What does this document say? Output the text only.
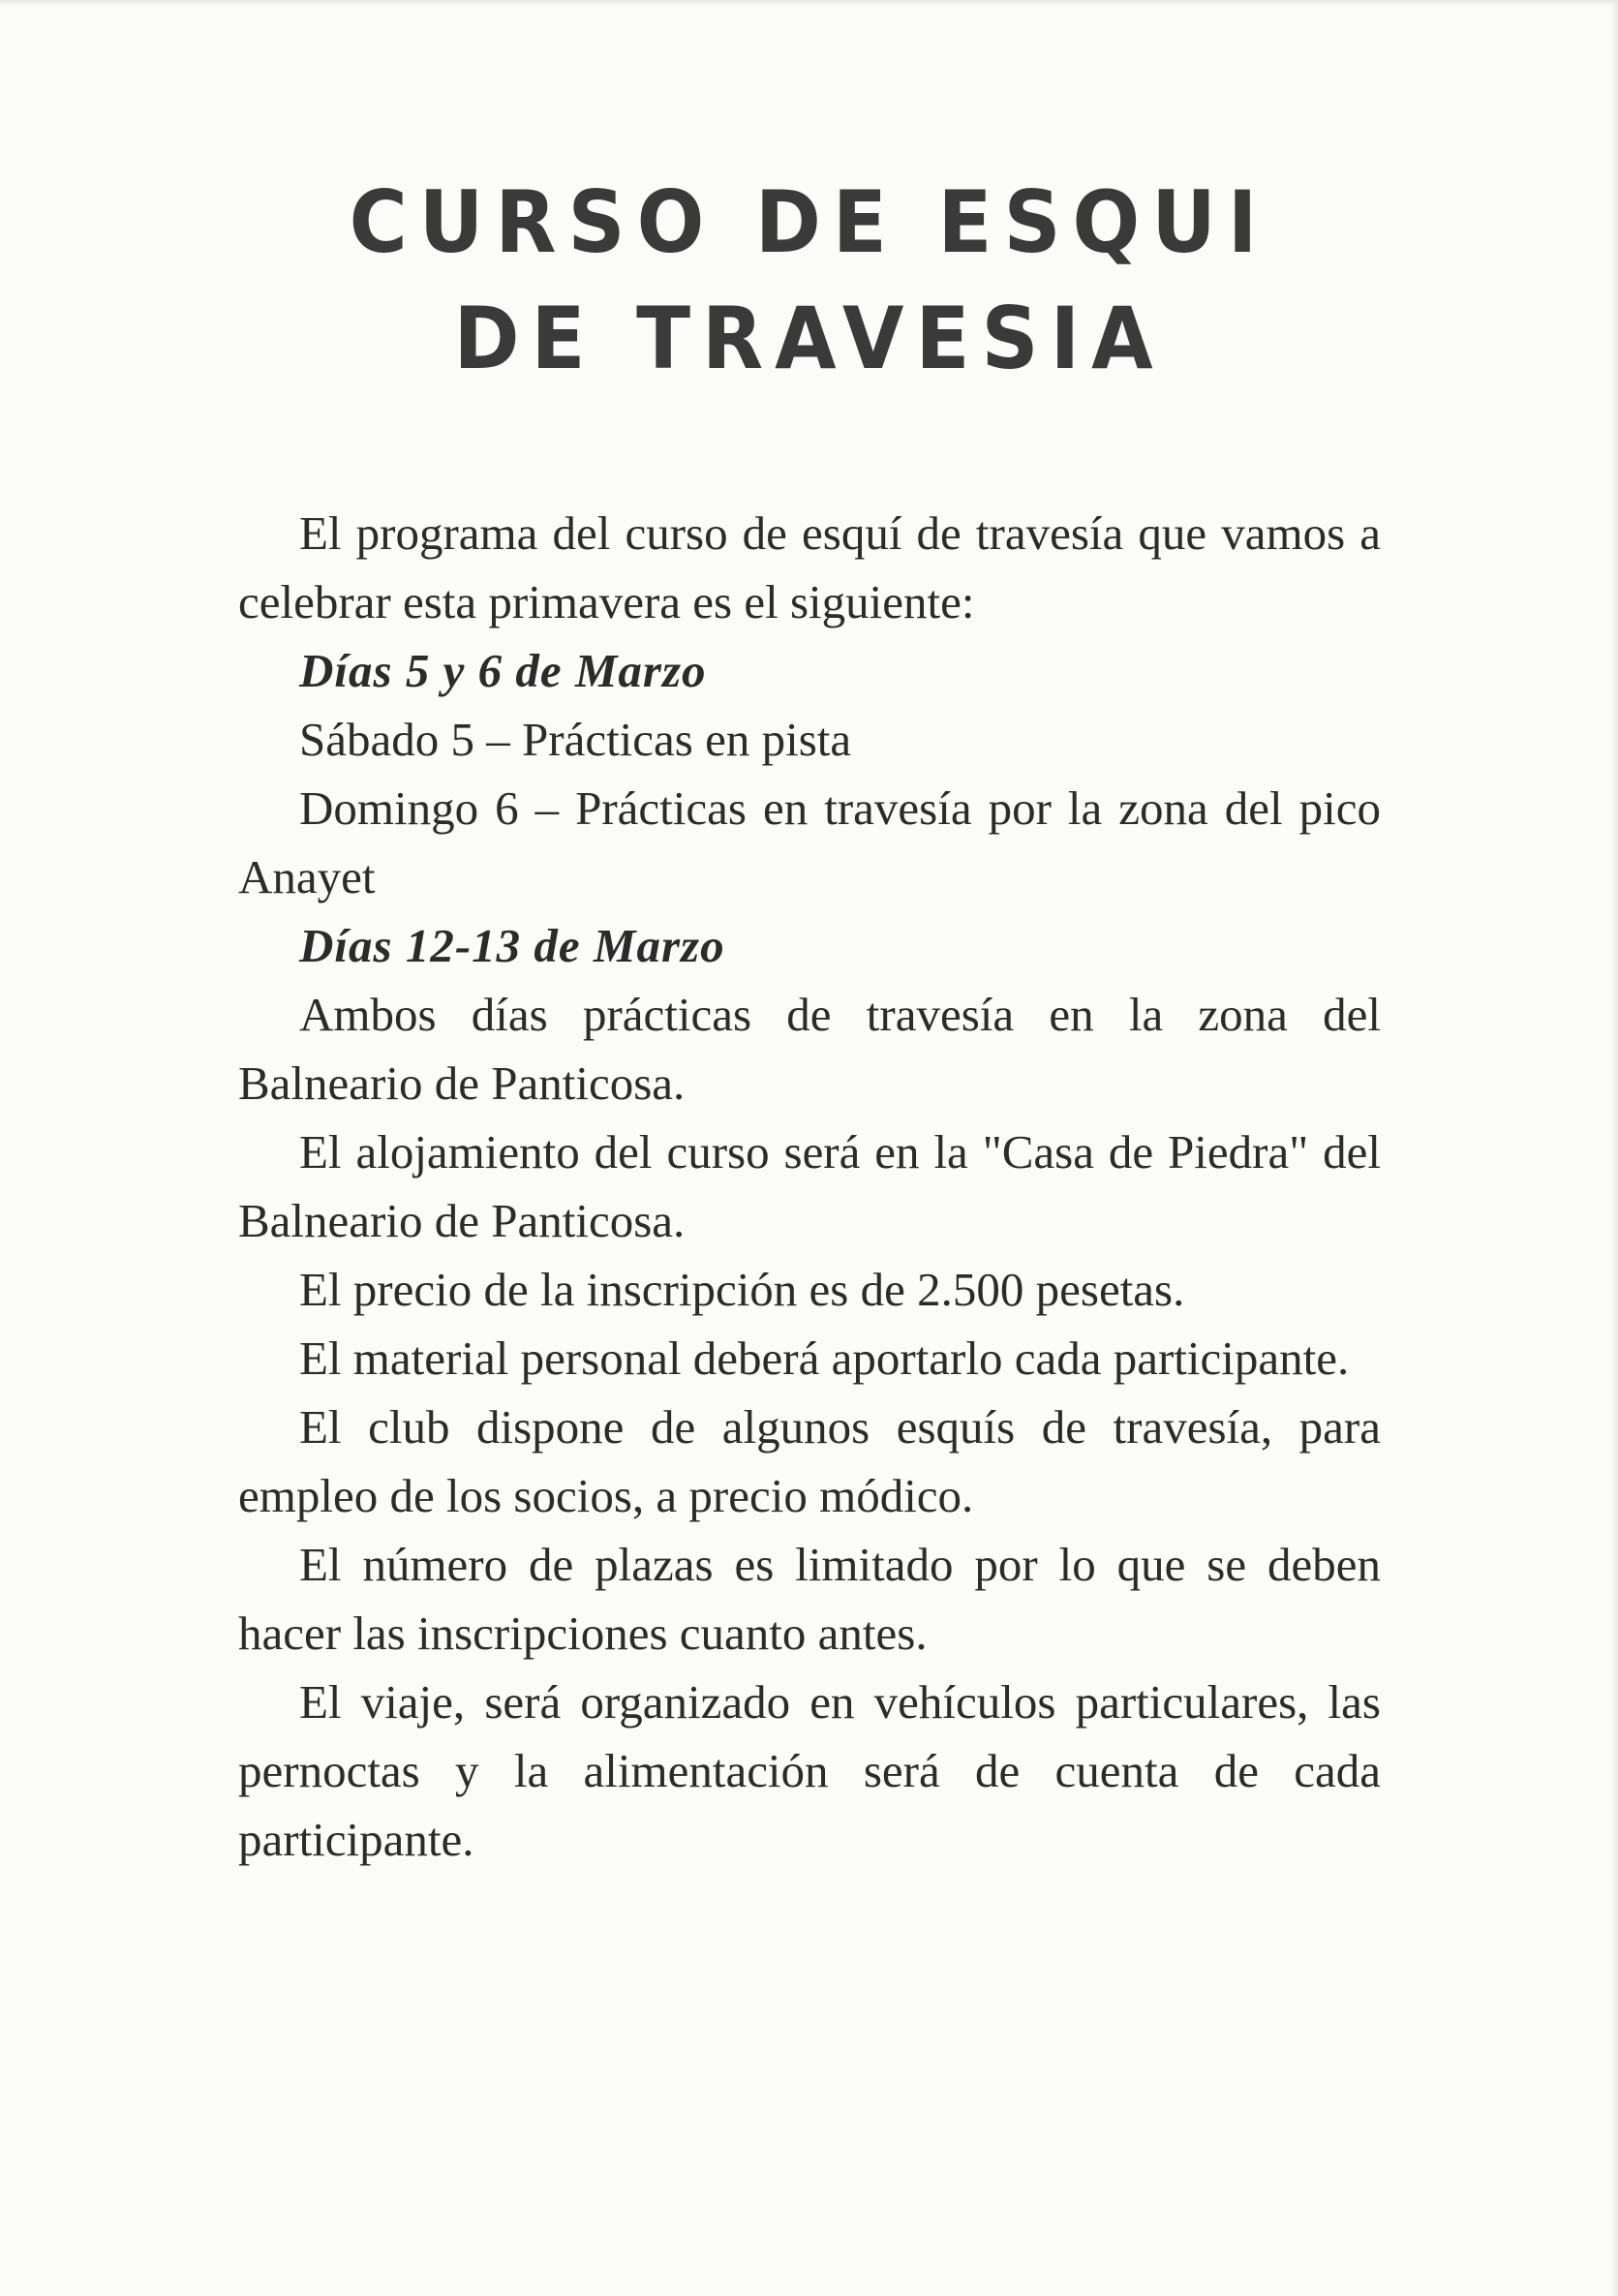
CURSO DE ESQUI
DE TRAVESIA

El programa del curso de esquí de travesía que vamos a celebrar esta primavera es el siguiente:

Días 5 y 6 de Marzo

Sábado 5 – Prácticas en pista

Domingo 6 – Prácticas en travesía por la zona del pico Anayet

Días 12-13 de Marzo

Ambos días prácticas de travesía en la zona del Balneario de Panticosa.

El alojamiento del curso será en la "Casa de Piedra" del Balneario de Panticosa.

El precio de la inscripción es de 2.500 pesetas.

El material personal deberá aportarlo cada participante.

El club dispone de algunos esquís de travesía, para empleo de los socios, a precio módico.

El número de plazas es limitado por lo que se deben hacer las inscripciones cuanto antes.

El viaje, será organizado en vehículos particulares, las pernoctas y la alimentación será de cuenta de cada participante.
